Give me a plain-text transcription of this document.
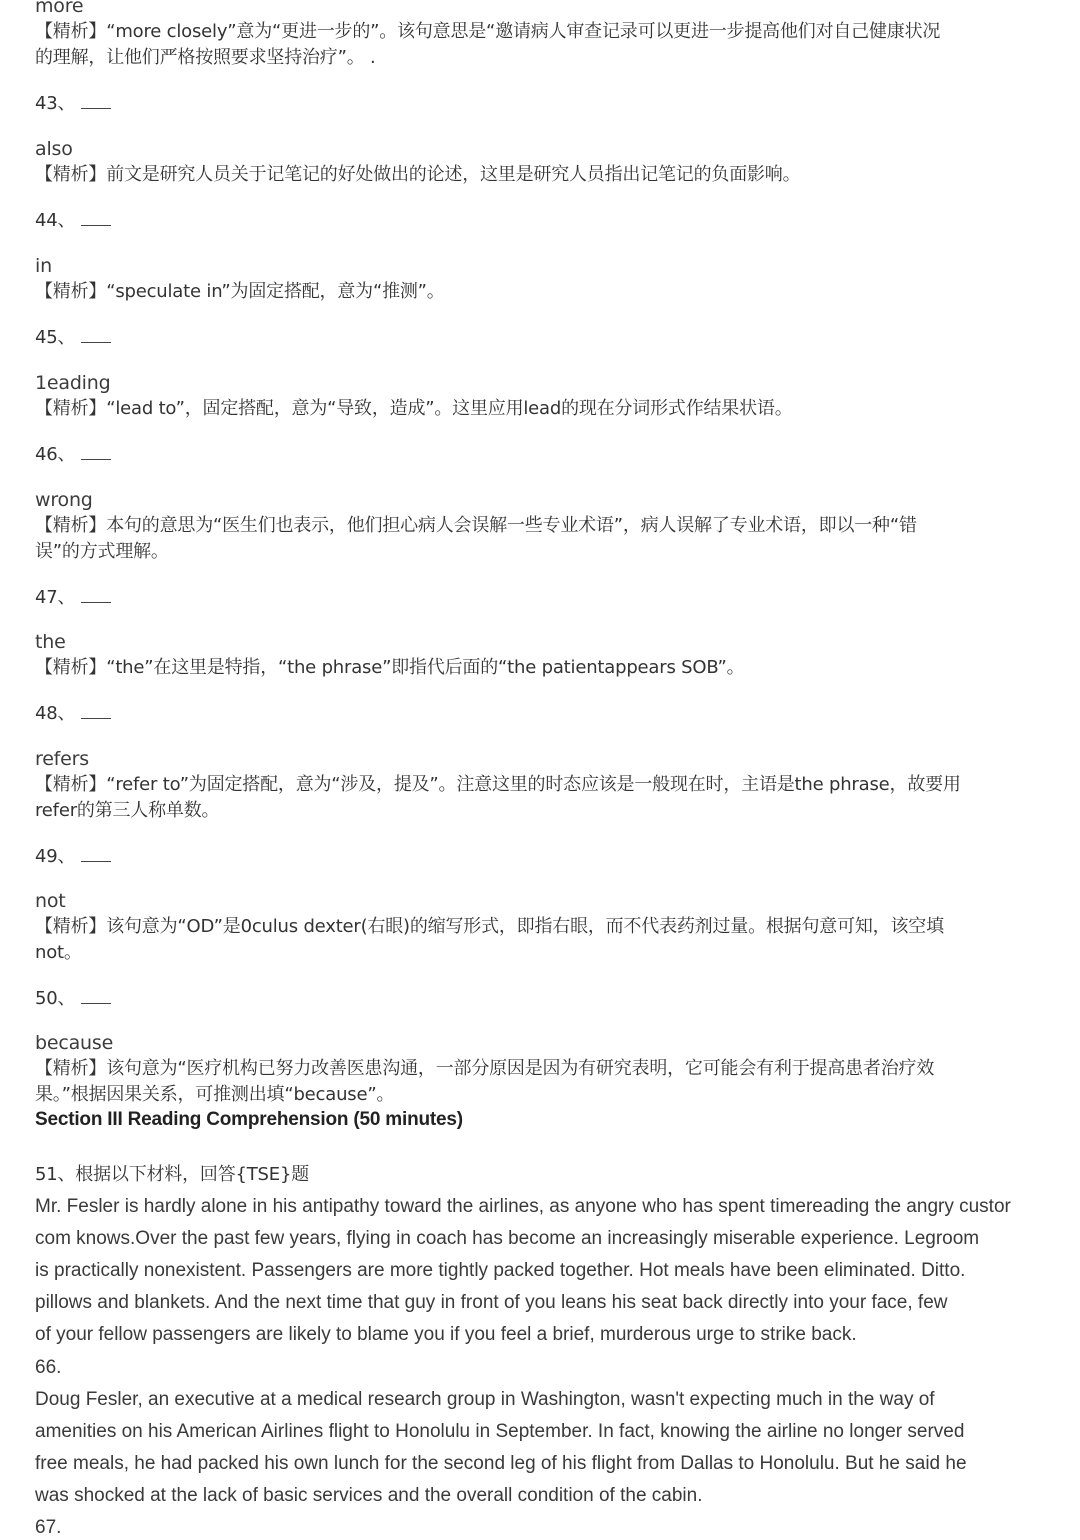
more
【精析】“more closely”意为“更进一步的”。该句意思是“邀请病人审查记录可以更进一步提高他们对自己健康状况
的理解，让他们严格按照要求坚持治疗”。 .
43、
also
【精析】前文是研究人员关于记笔记的好处做出的论述，这里是研究人员指出记笔记的负面影响。
44、
in
【精析】“speculate in”为固定搭配，意为“推测”。
45、
1eading
【精析】“lead to”，固定搭配，意为“导致，造成”。这里应用lead的现在分词形式作结果状语。
46、
wrong
【精析】本句的意思为“医生们也表示，他们担心病人会误解一些专业术语”，病人误解了专业术语，即以一种“错
误”的方式理解。
47、
the
【精析】“the”在这里是特指，“the phrase”即指代后面的“the patientappears SOB”。
48、
refers
【精析】“refer to”为固定搭配，意为“涉及，提及”。注意这里的时态应该是一般现在时，主语是the phrase，故要用
refer的第三人称单数。
49、
not
【精析】该句意为“OD”是0culus dexter(右眼)的缩写形式，即指右眼，而不代表药剂过量。根据句意可知，该空填
not。
50、
because
【精析】该句意为“医疗机构已努力改善医患沟通，一部分原因是因为有研究表明，它可能会有利于提高患者治疗效
果。”根据因果关系，可推测出填“because”。
Section III Reading Comprehension (50 minutes)
51、根据以下材料，回答{TSE}题
Mr. Fesler is hardly alone in his antipathy toward the airlines, as anyone who has spent timereading the angry custor
com knows.Over the past few years, flying in coach has become an increasingly miserable experience. Legroom
is practically nonexistent. Passengers are more tightly packed together. Hot meals have been eliminated. Ditto.
pillows and blankets. And the next time that guy in front of you leans his seat back directly into your face, few
of your fellow passengers are likely to blame you if you feel a brief, murderous urge to strike back.
66.
Doug Fesler, an executive at a medical research group in Washington, wasn't expecting much in the way of
amenities on his American Airlines flight to Honolulu in September. In fact, knowing the airline no longer served
free meals, he had packed his own lunch for the second leg of his flight from Dallas to Honolulu. But he said he
was shocked at the lack of basic services and the overall condition of the cabin.
67.
